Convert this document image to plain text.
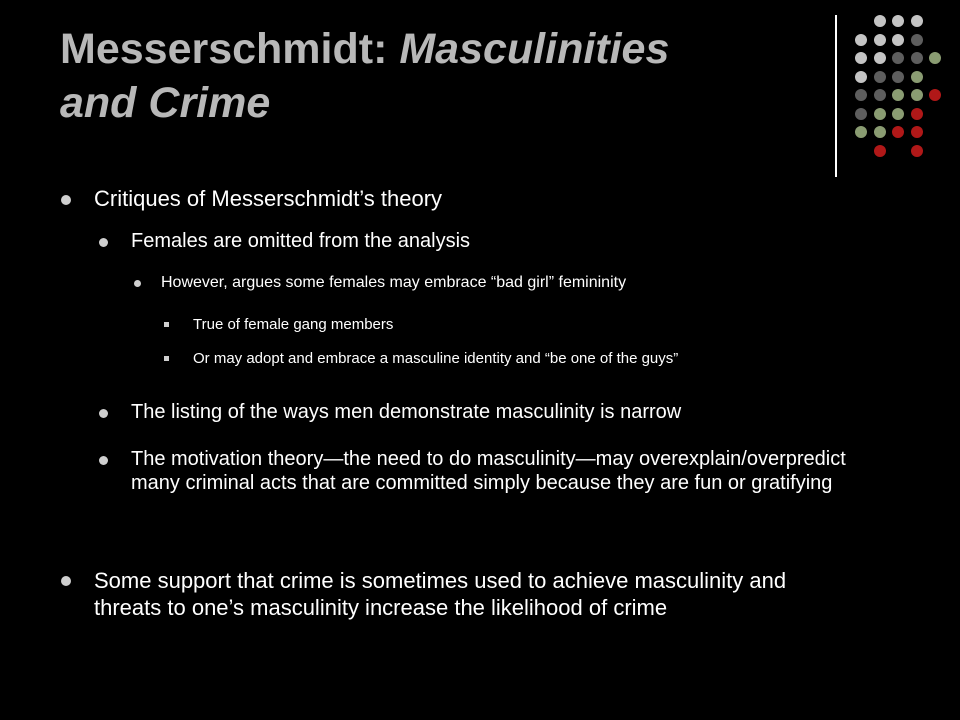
Messerschmidt: Masculinities
and Crime
Critiques of Messerschmidt’s theory
Females are omitted from the analysis
However, argues some females may embrace “bad girl” femininity
True of female gang members
Or may adopt and embrace a masculine identity and “be one of the guys”
The listing of the ways men demonstrate masculinity is narrow
The motivation theory—the need to do masculinity—may overexplain/overpredict many criminal acts that are committed simply because they are fun or gratifying
Some support that crime is sometimes used to achieve masculinity and threats to one’s masculinity increase the likelihood of crime
